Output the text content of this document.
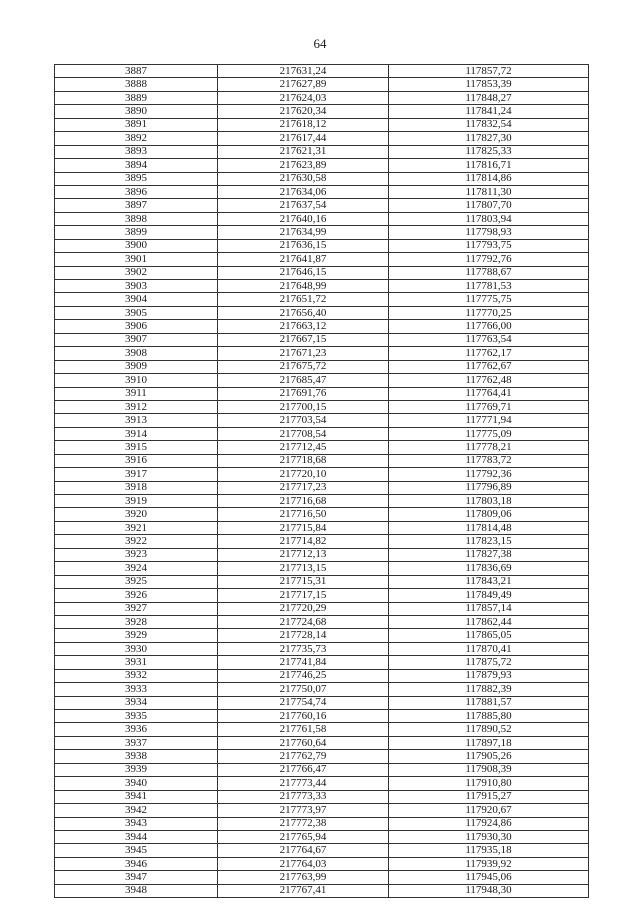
64
3887	217631,24	117857,72
3888	217627,89	117853,39
3889	217624,03	117848,27
3890	217620,34	117841,24
3891	217618,12	117832,54
3892	217617,44	117827,30
3893	217621,31	117825,33
3894	217623,89	117816,71
3895	217630,58	117814,86
3896	217634,06	117811,30
3897	217637,54	117807,70
3898	217640,16	117803,94
3899	217634,99	117798,93
3900	217636,15	117793,75
3901	217641,87	117792,76
3902	217646,15	117788,67
3903	217648,99	117781,53
3904	217651,72	117775,75
3905	217656,40	117770,25
3906	217663,12	117766,00
3907	217667,15	117763,54
3908	217671,23	117762,17
3909	217675,72	117762,67
3910	217685,47	117762,48
3911	217691,76	117764,41
3912	217700,15	117769,71
3913	217703,54	117771,94
3914	217708,54	117775,09
3915	217712,45	117778,21
3916	217718,68	117783,72
3917	217720,10	117792,36
3918	217717,23	117796,89
3919	217716,68	117803,18
3920	217716,50	117809,06
3921	217715,84	117814,48
3922	217714,82	117823,15
3923	217712,13	117827,38
3924	217713,15	117836,69
3925	217715,31	117843,21
3926	217717,15	117849,49
3927	217720,29	117857,14
3928	217724,68	117862,44
3929	217728,14	117865,05
3930	217735,73	117870,41
3931	217741,84	117875,72
3932	217746,25	117879,93
3933	217750,07	117882,39
3934	217754,74	117881,57
3935	217760,16	117885,80
3936	217761,58	117890,52
3937	217760,64	117897,18
3938	217762,79	117905,26
3939	217766,47	117908,39
3940	217773,44	117910,80
3941	217773,33	117915,27
3942	217773,97	117920,67
3943	217772,38	117924,86
3944	217765,94	117930,30
3945	217764,67	117935,18
3946	217764,03	117939,92
3947	217763,99	117945,06
3948	217767,41	117948,30
